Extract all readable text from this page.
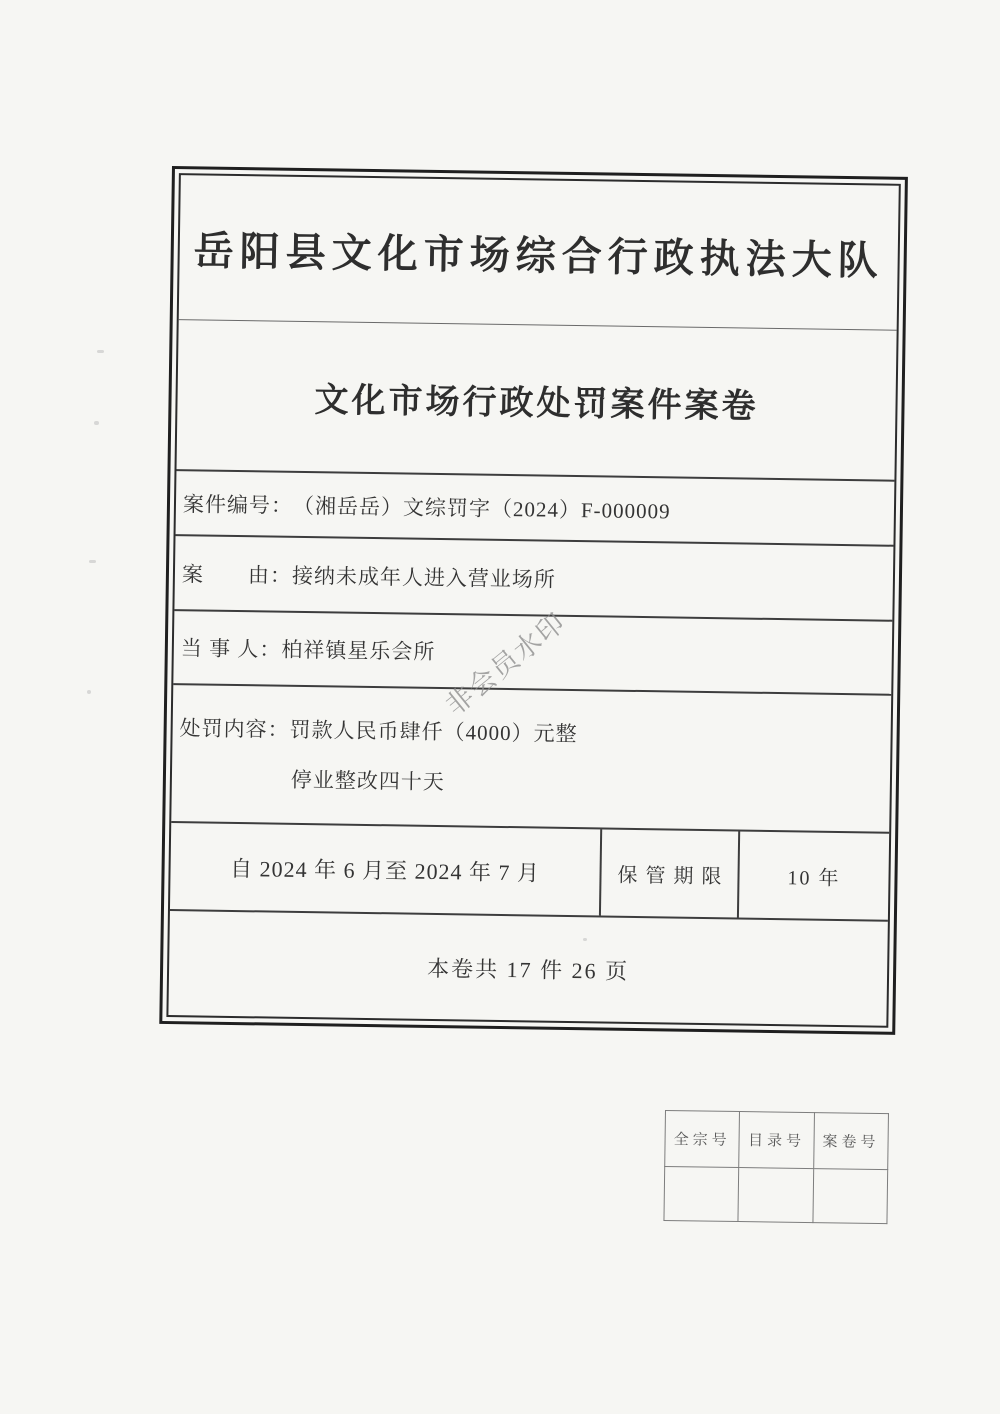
岳阳县文化市场综合行政执法大队
文化市场行政处罚案件案卷
案件编号： （湘岳岳）文综罚字（2024）F-000009
案　　由： 接纳未成年人进入营业场所
当 事 人： 柏祥镇星乐会所
处罚内容：罚款人民币肆仟（4000）元整
停业整改四十天
自 2024 年 6 月至 2024 年 7 月	保管期限	10 年
本卷共 17 件 26 页
非会员水印
全宗号	目录号	案卷号
